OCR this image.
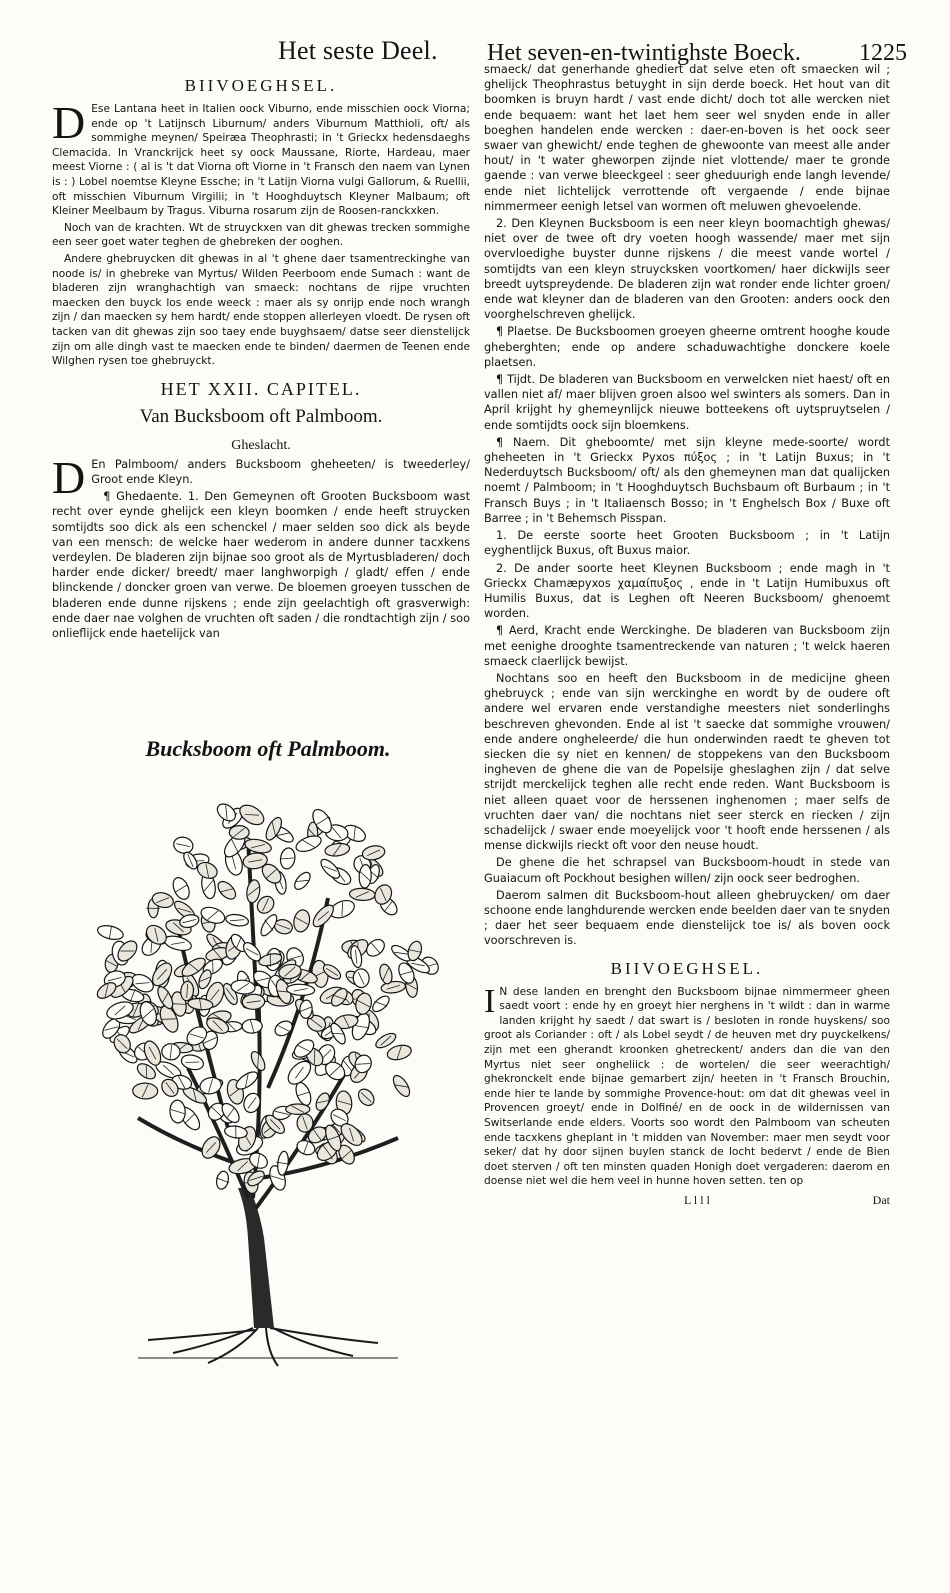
Het seste Deel. Het seven-en-twintighste Boeck. 1225
BIIVOEGHSEL.

D Ese Lantana heet in Italien oock Viburno, ende misschien oock Viorna; ende op 't Latijnsch Liburnum/ anders Viburnum Matthioli, oft/ als sommighe meynen/ Speiræa Theophrasti; in 't Grieckx hedensdaeghs Clemacida. In Vranckrijck heet sy oock Maussane, Riorte, Hardeau, maer meest Viorne : ( al is 't dat Viorna oft Viorne in 't Fransch den naem van Lynen is : ) Lobel noemtse Kleyne Essche; in 't Latijn Viorna vulgi Gallorum, & Ruellii, oft misschien Viburnum Virgilii; in 't Hooghduytsch Kleyner Malbaum; oft Kleiner Meelbaum by Tragus. Viburna rosarum zijn de Roosen-ranckxken.

Noch van de krachten. Wt de struyckxen van dit ghewas trecken sommighe een seer goet water teghen de ghebreken der ooghen.

Andere ghebruycken dit ghewas in al 't ghene daer tsamentreckinghe van noode is/ in ghebreke van Myrtus/ Wilden Peerboom ende Sumach : want de bladeren zijn wranghachtigh van smaeck: nochtans de rijpe vruchten maecken den buyck los ende weeck : maer als sy onrijp ende noch wrangh zijn / dan maecken sy hem hardt/ ende stoppen allerleyen vloedt. De rysen oft tacken van dit ghewas zijn soo taey ende buyghsaem/ datse seer dienstelijck zijn om alle dingh vast te maecken ende te binden/ daermen de Teenen ende Wilghen rysen toe ghebruyckt.

HET XXII. CAPITEL.
Van Bucksboom oft Palmboom.
Gheslacht.

D En Palmboom/ anders Bucksboom gheheeten/ is tweederley/ Groot ende Kleyn.

¶ Ghedaente. 1. Den Gemeynen oft Grooten Bucksboom wast recht over eynde ghelijck een kleyn boomken / ende heeft struycken somtijdts soo dick als een schenckel / maer selden soo dick als beyde van een mensch: de welcke haer wederom in andere dunner tacxkens verdeylen. De bladeren zijn bijnae soo groot als de Myrtusbladeren/ doch harder ende dicker/ breedt/ maer langhworpigh / gladt/ effen / ende blinckende / doncker groen van verwe. De bloemen groeyen tusschen de bladeren ende dunne rijskens ; ende zijn geelachtigh oft grasverwigh: ende daer nae volghen de vruchten oft saden / die rondtachtigh zijn / soo onlieflijck ende haetelijck van

Bucksboom oft Palmboom.

smaeck/ dat generhande ghediert dat selve eten oft smaecken wil ; ghelijck Theophrastus betuyght in sijn derde boeck. Het hout van dit boomken is bruyn hardt / vast ende dicht/ doch tot alle wercken niet ende bequaem: want het laet hem seer wel snyden ende in aller boeghen handelen ende wercken : daer-en-boven is het oock seer swaer van ghewicht/ ende teghen de ghewoonte van meest alle ander hout/ in 't water gheworpen zijnde niet vlottende/ maer te gronde gaende : van verwe bleeckgeel : seer gheduurigh ende langh levende/ ende niet lichtelijck verrottende oft vergaende / ende bijnae nimmermeer eenigh letsel van wormen oft meluwen ghevoelende.

2. Den Kleynen Bucksboom is een neer kleyn boomachtigh ghewas/ niet over de twee oft dry voeten hoogh wassende/ maer met sijn overvloedighe buyster dunne rijskens / die meest vande wortel / somtijdts van een kleyn struycksken voortkomen/ haer dickwijls seer breedt uytspreydende. De bladeren zijn wat ronder ende lichter groen/ ende wat kleyner dan de bladeren van den Grooten: anders oock den voorghelschreven ghelijck.

¶ Plaetse. De Bucksboomen groeyen gheerne omtrent hooghe koude gheberghten; ende op andere schaduwachtighe donckere koele plaetsen.

¶ Tijdt. De bladeren van Bucksboom en verwelcken niet haest/ oft en vallen niet af/ maer blijven groen alsoo wel swinters als somers. Dan in April krijght hy ghemeynlijck nieuwe botteekens oft uytspruytselen / ende somtijdts oock sijn bloemkens.

¶ Naem. Dit gheboomte/ met sijn kleyne mede-soorte/ wordt gheheeten in 't Grieckx Pyxos πύξος ; in 't Latijn Buxus; in 't Nederduytsch Bucksboom/ oft/ als den ghemeynen man dat qualijcken noemt / Palmboom; in 't Hooghduytsch Buchsbaum oft Burbaum ; in 't Fransch Buys ; in 't Italiaensch Bosso; in 't Enghelsch Box / Buxe oft Barree ; in 't Behemsch Pisspan.

1. De eerste soorte heet Grooten Bucksboom ; in 't Latijn eyghentlijck Buxus, oft Buxus maior.

2. De ander soorte heet Kleynen Bucksboom ; ende magh in 't Grieckx Chamæpyxos χαμαίπυξος , ende in 't Latijn Humibuxus oft Humilis Buxus, dat is Leghen oft Neeren Bucksboom/ ghenoemt worden.

¶ Aerd, Kracht ende Werckinghe. De bladeren van Bucksboom zijn met eenighe drooghte tsamentreckende van naturen ; 't welck haeren smaeck claerlijck bewijst.

Nochtans soo en heeft den Bucksboom in de medicijne gheen ghebruyck ; ende van sijn werckinghe en wordt by de oudere oft andere wel ervaren ende verstandighe meesters niet sonderlinghs beschreven ghevonden. Ende al ist 't saecke dat sommighe vrouwen/ ende andere ongheleerde/ die hun onderwinden raedt te gheven tot siecken die sy niet en kennen/ de stoppekens van den Bucksboom ingheven de ghene die van de Popelsije gheslaghen zijn / dat selve strijdt merckelijck teghen alle recht ende reden. Want Bucksboom is niet alleen quaet voor de herssenen inghenomen ; maer selfs de vruchten daer van/ die nochtans niet seer sterck en riecken / zijn schadelijck / swaer ende moeyelijck voor 't hooft ende herssenen / als mense dickwijls rieckt oft voor den neuse houdt.

De ghene die het schrapsel van Bucksboom-houdt in stede van Guaiacum oft Pockhout besighen willen/ zijn oock seer bedroghen.

Daerom salmen dit Bucksboom-hout alleen ghebruycken/ om daer schoone ende langhdurende wercken ende beelden daer van te snyden ; daer het seer bequaem ende dienstelijck toe is/ als boven oock voorschreven is.

BIIVOEGHSEL.

I N dese landen en brenght den Bucksboom bijnae nimmermeer gheen saedt voort : ende hy en groeyt hier nerghens in 't wildt : dan in warme landen krijght hy saedt / dat swart is / besloten in ronde huyskens/ soo groot als Coriander : oft / als Lobel seydt / de heuven met dry puyckelkens/ zijn met een gherandt kroonken ghetreckent/ anders dan die van den Myrtus niet seer ongheliick : de wortelen/ die seer weerachtigh/ ghekronckelt ende bijnae gemarbert zijn/ heeten in 't Fransch Brouchin, ende hier te lande by sommighe Provence-hout: om dat dit ghewas veel in Provencen groeyt/ ende in Dolfiné/ en de oock in de wildernissen van Switserlande ende elders. Voorts soo wordt den Palmboom van scheuten ende tacxkens gheplant in 't midden van November: maer men seydt voor seker/ dat hy door sijnen buylen stanck de locht bedervt / ende de Bien doet sterven / oft ten minsten quaden Honigh doet vergaderen: daerom en doense niet wel die hem veel in hunne hoven setten. ten op

L l l l	Dat
